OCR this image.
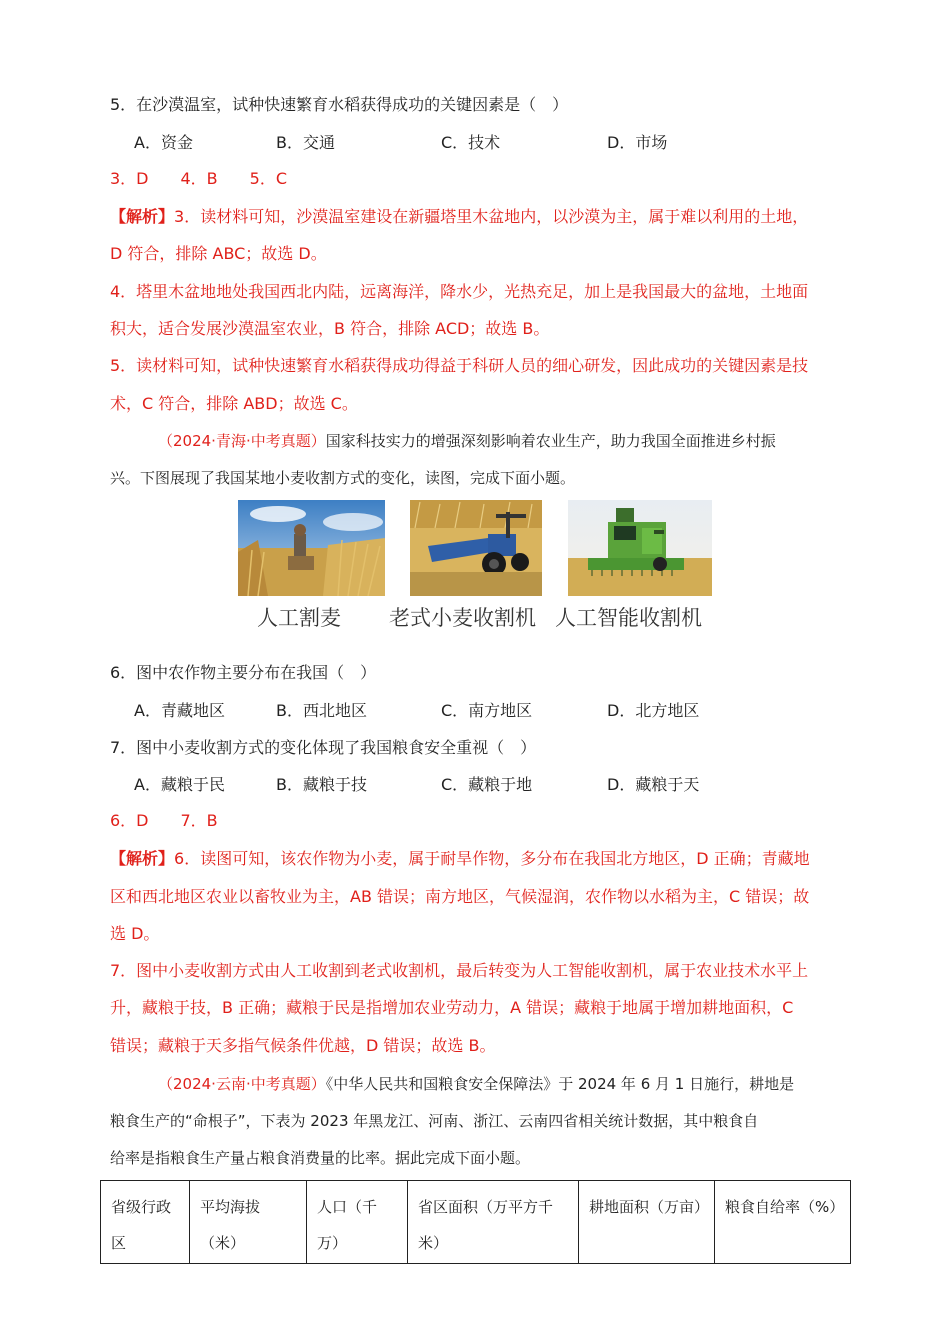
5．在沙漠温室，试种快速繁育水稻获得成功的关键因素是（　）
A．资金	B．交通	C．技术	D．市场
3．D　　4．B　　5．C
【解析】3．读材料可知，沙漠温室建设在新疆塔里木盆地内，以沙漠为主，属于难以利用的土地，
D 符合，排除 ABC；故选 D。
4．塔里木盆地地处我国西北内陆，远离海洋，降水少，光热充足，加上是我国最大的盆地，土地面
积大，适合发展沙漠温室农业，B 符合，排除 ACD；故选 B。
5．读材料可知，试种快速繁育水稻获得成功得益于科研人员的细心研发，因此成功的关键因素是技
术，C 符合，排除 ABD；故选 C。
（2024·青海·中考真题）国家科技实力的增强深刻影响着农业生产，助力我国全面推进乡村振
兴。下图展现了我国某地小麦收割方式的变化，读图，完成下面小题。
人工割麦 老式小麦收割机 人工智能收割机
6．图中农作物主要分布在我国（　）
A．青藏地区	B．西北地区	C．南方地区	D．北方地区
7．图中小麦收割方式的变化体现了我国粮食安全重视（　）
A．藏粮于民	B．藏粮于技	C．藏粮于地	D．藏粮于天
6．D　　7．B
【解析】6．读图可知，该农作物为小麦，属于耐旱作物，多分布在我国北方地区，D 正确；青藏地
区和西北地区农业以畜牧业为主，AB 错误；南方地区，气候湿润，农作物以水稻为主，C 错误；故
选 D。
7．图中小麦收割方式由人工收割到老式收割机，最后转变为人工智能收割机，属于农业技术水平上
升，藏粮于技，B 正确；藏粮于民是指增加农业劳动力，A 错误；藏粮于地属于增加耕地面积，C
错误；藏粮于天多指气候条件优越，D 错误；故选 B。
（2024·云南·中考真题）《中华人民共和国粮食安全保障法》于 2024 年 6 月 1 日施行，耕地是
粮食生产的“命根子”，下表为 2023 年黑龙江、河南、浙江、云南四省相关统计数据，其中粮食自
给率是指粮食生产量占粮食消费量的比率。据此完成下面小题。
省级行政区	平均海拔（米）	人口（千万）	省区面积（万平方千米）	耕地面积（万亩）	粮食自给率（%）
